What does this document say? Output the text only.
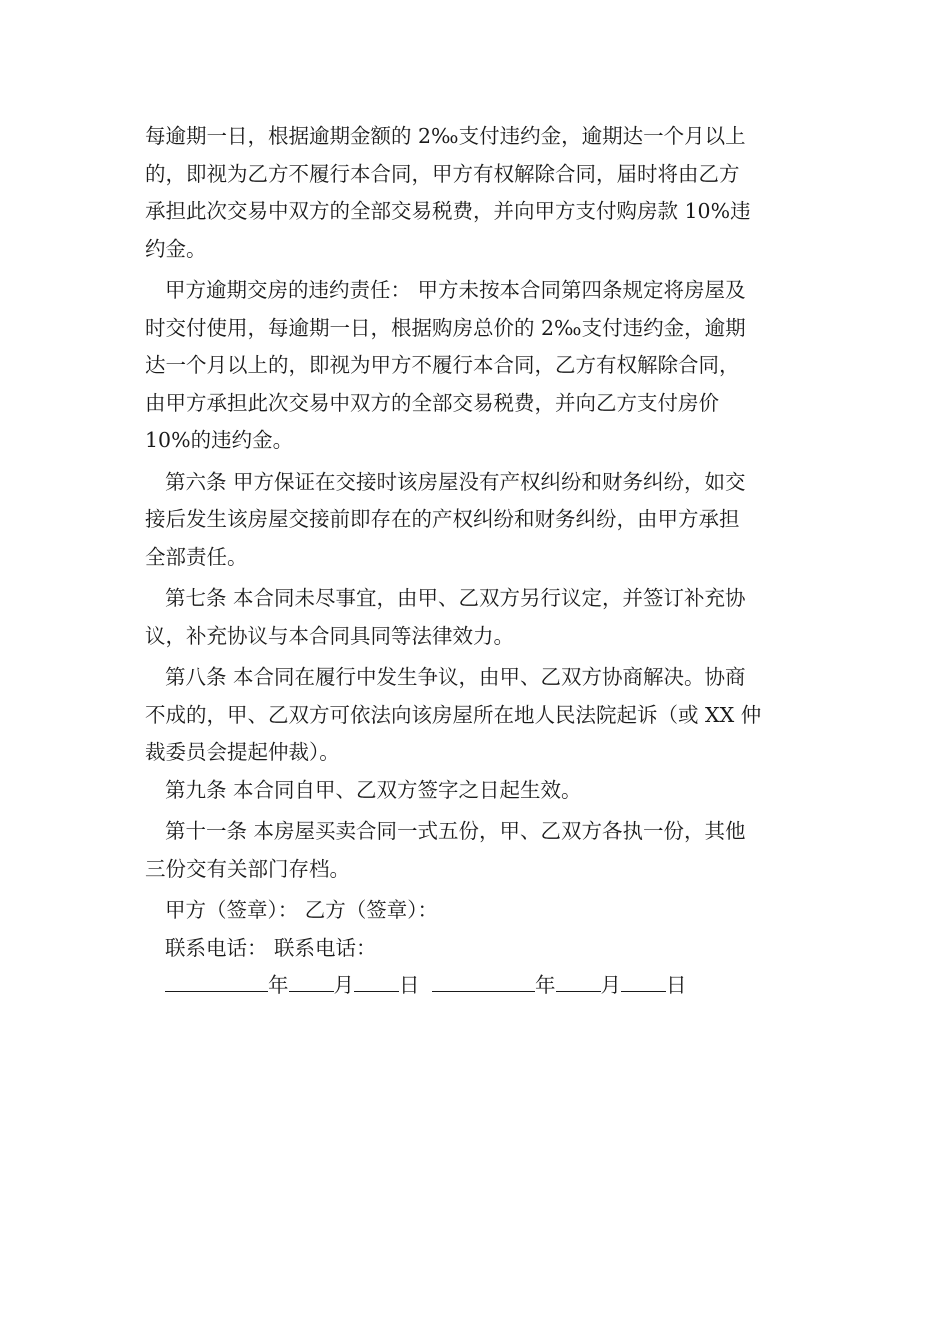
每逾期一日，根据逾期金额的 2‰支付违约金，逾期达一个月以上
的，即视为乙方不履行本合同，甲方有权解除合同，届时将由乙方
承担此次交易中双方的全部交易税费，并向甲方支付购房款 10%违
约金。
甲方逾期交房的违约责任： 甲方未按本合同第四条规定将房屋及
时交付使用，每逾期一日，根据购房总价的 2‰支付违约金，逾期
达一个月以上的，即视为甲方不履行本合同，乙方有权解除合同，
由甲方承担此次交易中双方的全部交易税费，并向乙方支付房价
10%的违约金。
第六条 甲方保证在交接时该房屋没有产权纠纷和财务纠纷，如交
接后发生该房屋交接前即存在的产权纠纷和财务纠纷，由甲方承担
全部责任。
第七条 本合同未尽事宜，由甲、乙双方另行议定，并签订补充协
议，补充协议与本合同具同等法律效力。
第八条 本合同在履行中发生争议，由甲、乙双方协商解决。协商
不成的，甲、乙双方可依法向该房屋所在地人民法院起诉（或 XX 仲
裁委员会提起仲裁）。
第九条 本合同自甲、乙双方签字之日起生效。
第十一条 本房屋买卖合同一式五份，甲、乙双方各执一份，其他
三份交有关部门存档。
甲方（签章）： 乙方（签章）：
联系电话： 联系电话：
年 月 日	年 月 日
